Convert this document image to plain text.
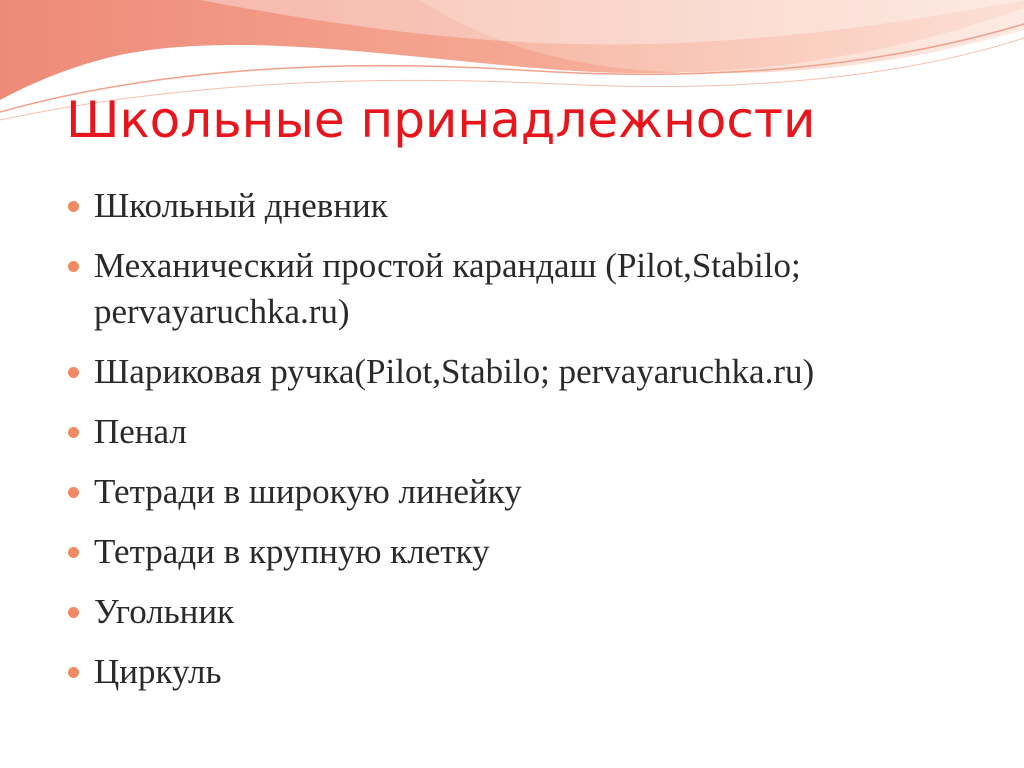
Школьные принадлежности
Школьный дневник
Механический простой карандаш (Pilot,Stabilo; pervayaruchka.ru)
Шариковая ручка(Pilot,Stabilo; pervayaruchka.ru)
Пенал
Тетради в широкую линейку
Тетради в крупную клетку
Угольник
Циркуль
